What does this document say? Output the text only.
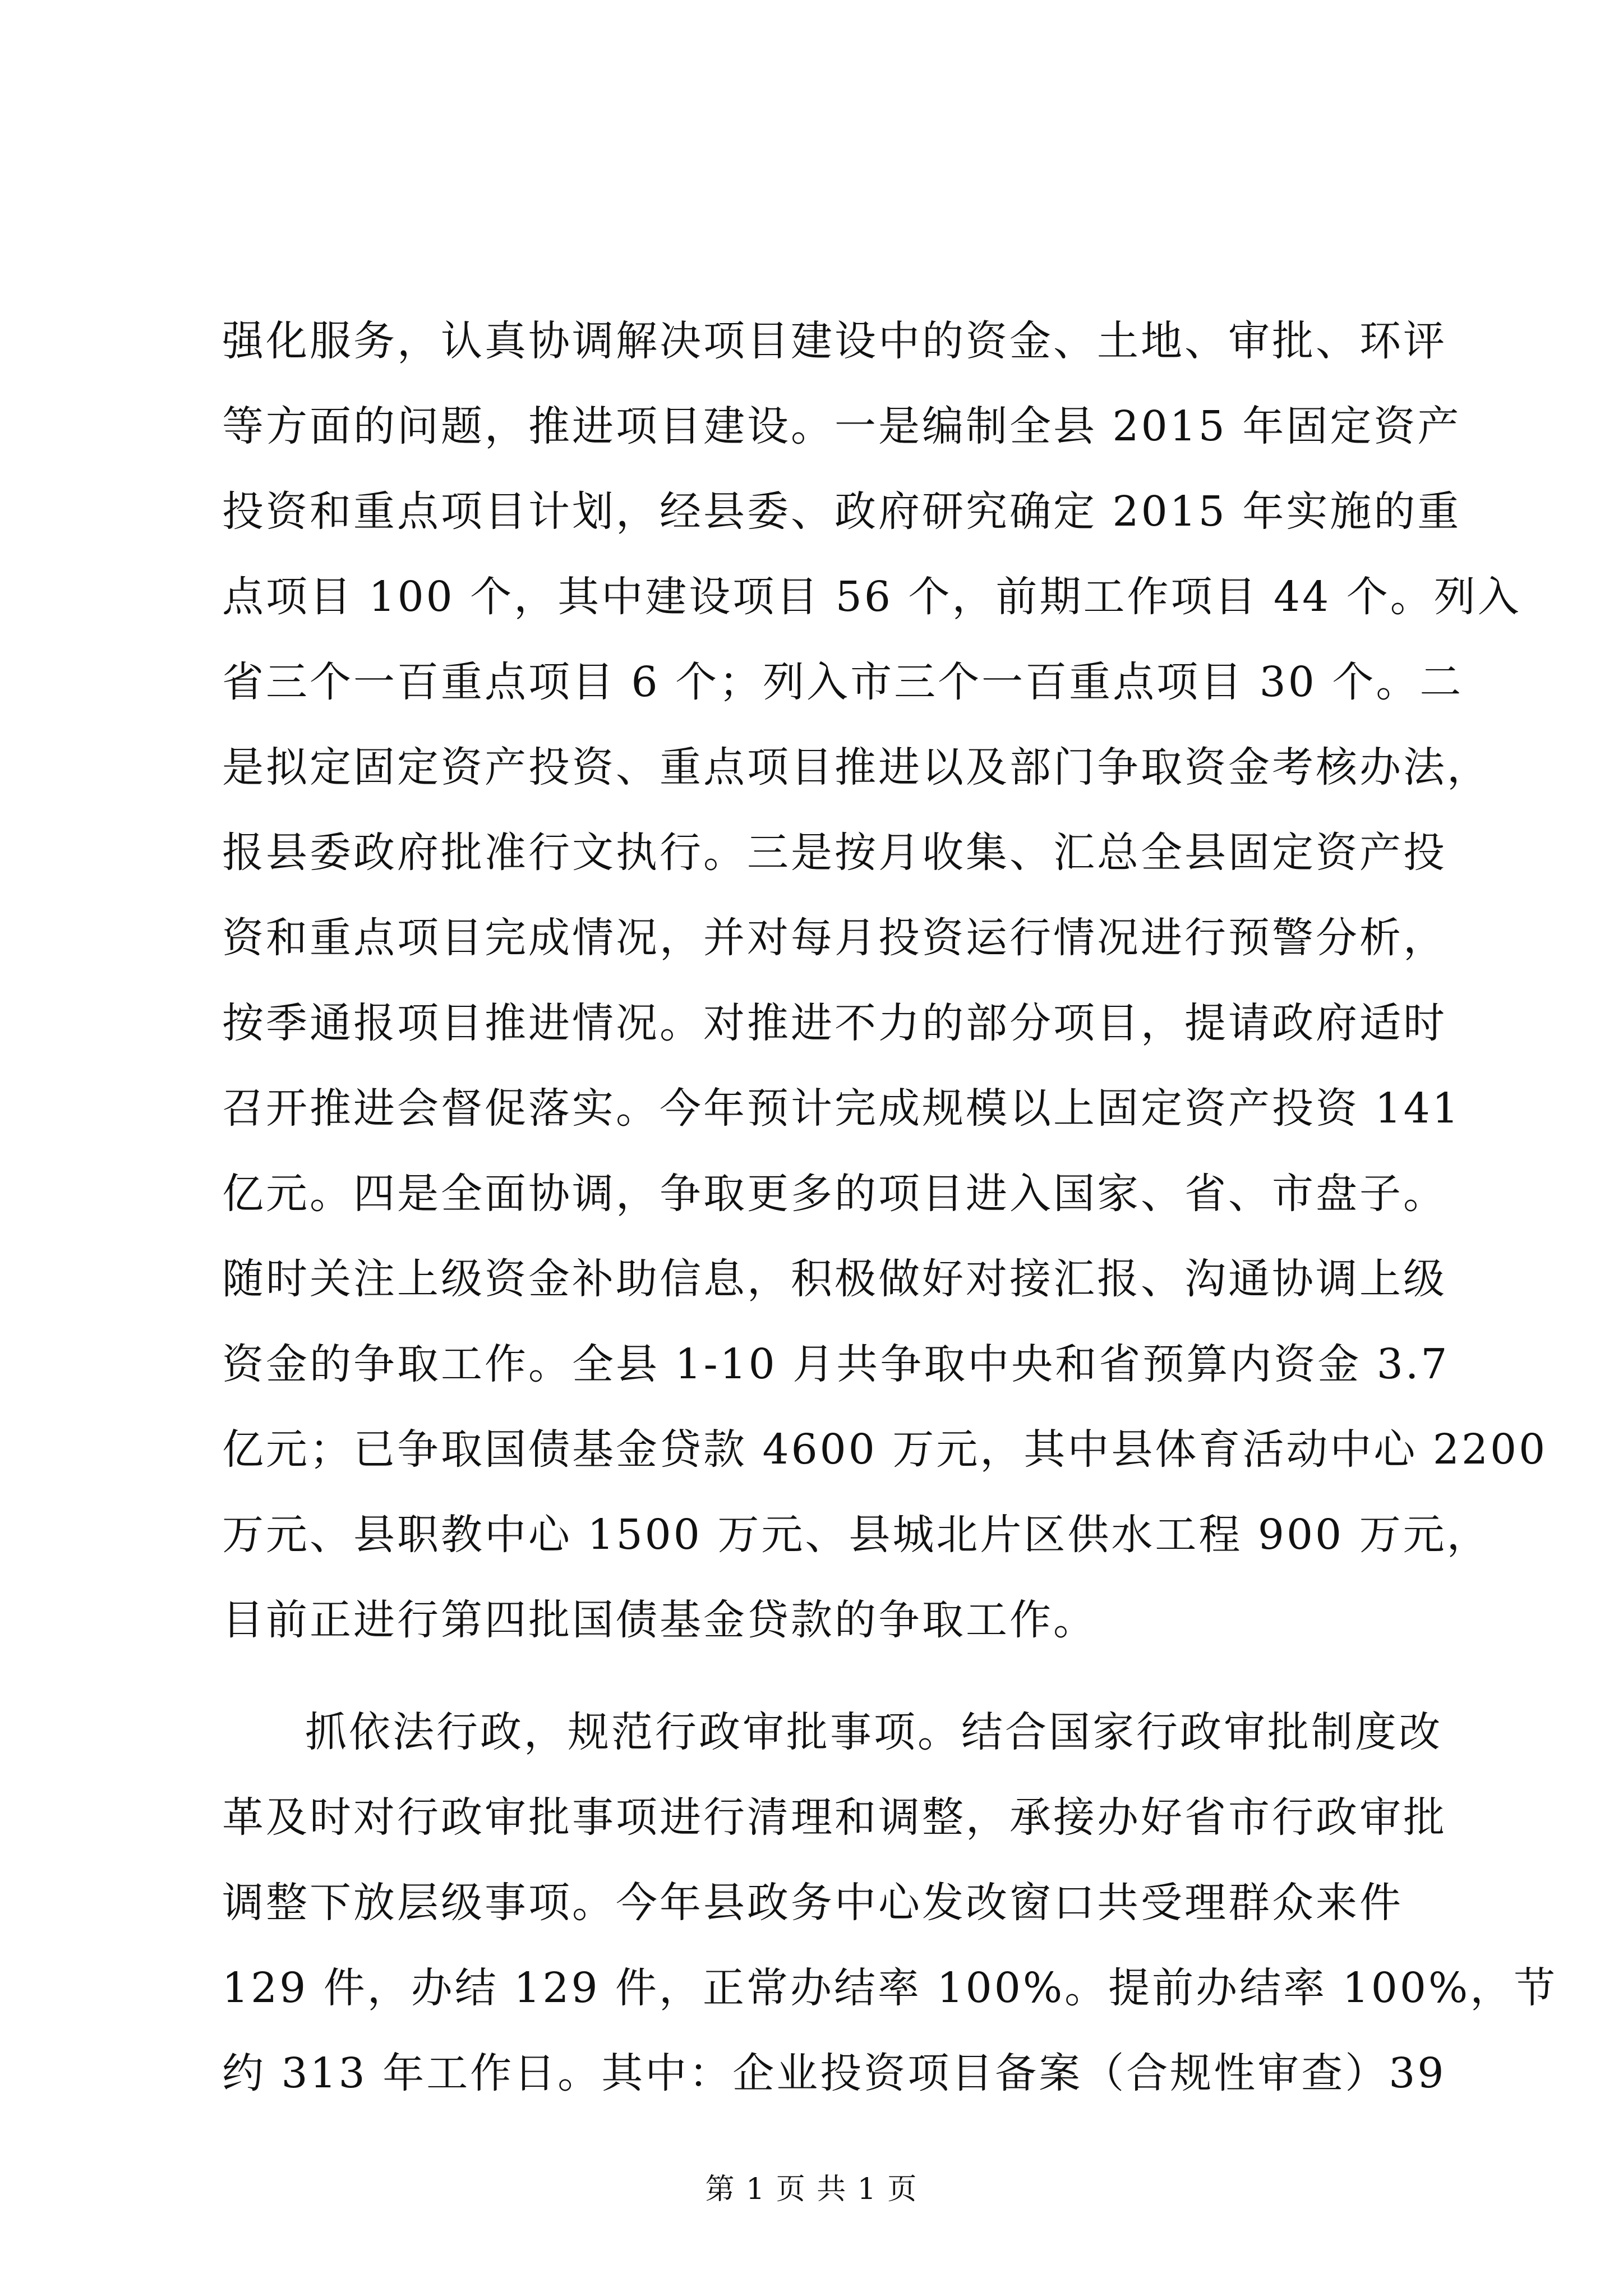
强化服务，认真协调解决项目建设中的资金、土地、审批、环评
等方面的问题，推进项目建设。一是编制全县 2015 年固定资产
投资和重点项目计划，经县委、政府研究确定 2015 年实施的重
点项目 100 个，其中建设项目 56 个，前期工作项目 44 个。列入
省三个一百重点项目 6 个；列入市三个一百重点项目 30 个。二
是拟定固定资产投资、重点项目推进以及部门争取资金考核办法，
报县委政府批准行文执行。三是按月收集、汇总全县固定资产投
资和重点项目完成情况，并对每月投资运行情况进行预警分析，
按季通报项目推进情况。对推进不力的部分项目，提请政府适时
召开推进会督促落实。今年预计完成规模以上固定资产投资 141
亿元。四是全面协调，争取更多的项目进入国家、省、市盘子。
随时关注上级资金补助信息，积极做好对接汇报、沟通协调上级
资金的争取工作。全县 1-10 月共争取中央和省预算内资金 3.7
亿元；已争取国债基金贷款 4600 万元，其中县体育活动中心 2200
万元、县职教中心 1500 万元、县城北片区供水工程 900 万元，
目前正进行第四批国债基金贷款的争取工作。
抓依法行政，规范行政审批事项。结合国家行政审批制度改
革及时对行政审批事项进行清理和调整，承接办好省市行政审批
调整下放层级事项。今年县政务中心发改窗口共受理群众来件
129 件，办结 129 件，正常办结率 100%。提前办结率 100%，节
约 313 年工作日。其中：企业投资项目备案（合规性审查）39
第 1 页 共 1 页
